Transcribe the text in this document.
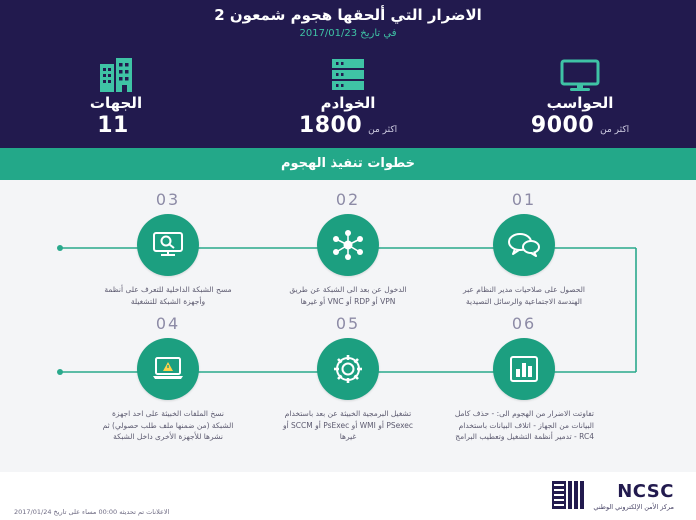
الاضرار التي ألحقها هجوم شمعون 2
في تاريخ 2017/01/23
الجهات
11
الخوادم
1800 اكثر من
الحواسب
9000 اكثر من
خطوات تنفيذ الهجوم
01
الحصول على صلاحيات مدير النظام عبر الهندسة الاجتماعية والرسائل التصيدية
02
الدخول عن بعد الى الشبكة عن طريق VPN أو RDP أو VNC أو غيرها
03
مسح الشبكة الداخلية للتعرف على أنظمة وأجهزة الشبكة للتشغيلة
04
نسخ الملفات الخبيثة على احد اجهزة الشبكة (من ضمنها ملف طلب حصولي) ثم نشرها للأجهزة الأخرى داخل الشبكة
05
تشغيل البرمجية الخبيثة عن بعد باستخدام PSexec أو WMI أو PsExec أو SCCM أو غيرها
06
تفاوتت الاضرار من الهجوم الى: - حذف كامل البيانات من الجهاز - اتلاف البيانات باستخدام RC4 - تدمير أنظمة التشغيل وتعطيب البرامج
NCSC
مركز الأمن الإلكتروني الوطني
الاعلانات تم تحديثه 00:00 مساء على تاريخ 2017/01/24
